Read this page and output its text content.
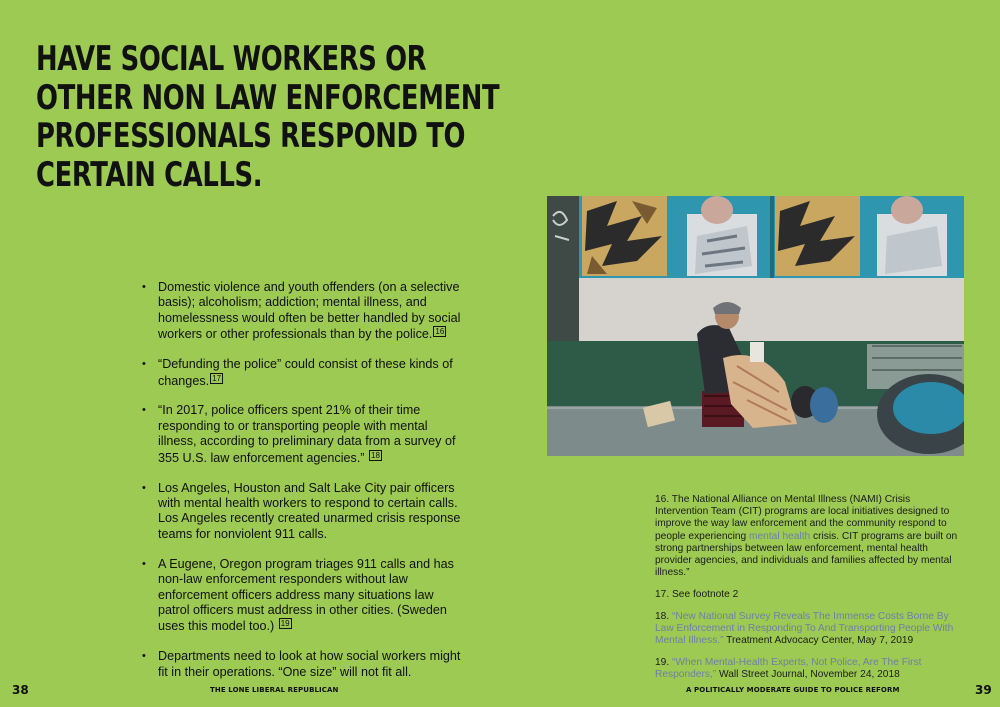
HAVE SOCIAL WORKERS OR
OTHER NON LAW ENFORCEMENT
PROFESSIONALS RESPOND TO
CERTAIN CALLS.
• Domestic violence and youth offenders (on a selective basis); alcoholism; addiction; mental illness, and homelessness would often be better handled by social workers or other professionals than by the police. 16
• “Defunding the police” could consist of these kinds of changes. 17
• “In 2017, police officers spent 21% of their time responding to or transporting people with mental illness, according to preliminary data from a survey of 355 U.S. law enforcement agencies.” 18
• Los Angeles, Houston and Salt Lake City pair officers with mental health workers to respond to certain calls. Los Angeles recently created unarmed crisis response teams for nonviolent 911 calls.
• A Eugene, Oregon program triages 911 calls and has non-law enforcement responders without law enforcement officers address many situations law patrol officers must address in other cities. (Sweden uses this model too.) 19
• Departments need to look at how social workers might fit in their operations. “One size” will not fit all.

16. The National Alliance on Mental Illness (NAMI) Crisis Intervention Team (CIT) programs are local initiatives designed to improve the way law enforcement and the community respond to people experiencing mental health crisis. CIT programs are built on strong partnerships between law enforcement, mental health provider agencies, and individuals and families affected by mental illness.”

17. See footnote 2

18. “New National Survey Reveals The Immense Costs Borne By Law Enforcement in Responding To And Transporting People With Mental Illness.” Treatment Advocacy Center, May 7, 2019

19. “When Mental-Health Experts, Not Police, Are The First Responders,” Wall Street Journal, November 24, 2018

38	THE LONE LIBERAL REPUBLICAN	A POLITICALLY MODERATE GUIDE TO POLICE REFORM	39
